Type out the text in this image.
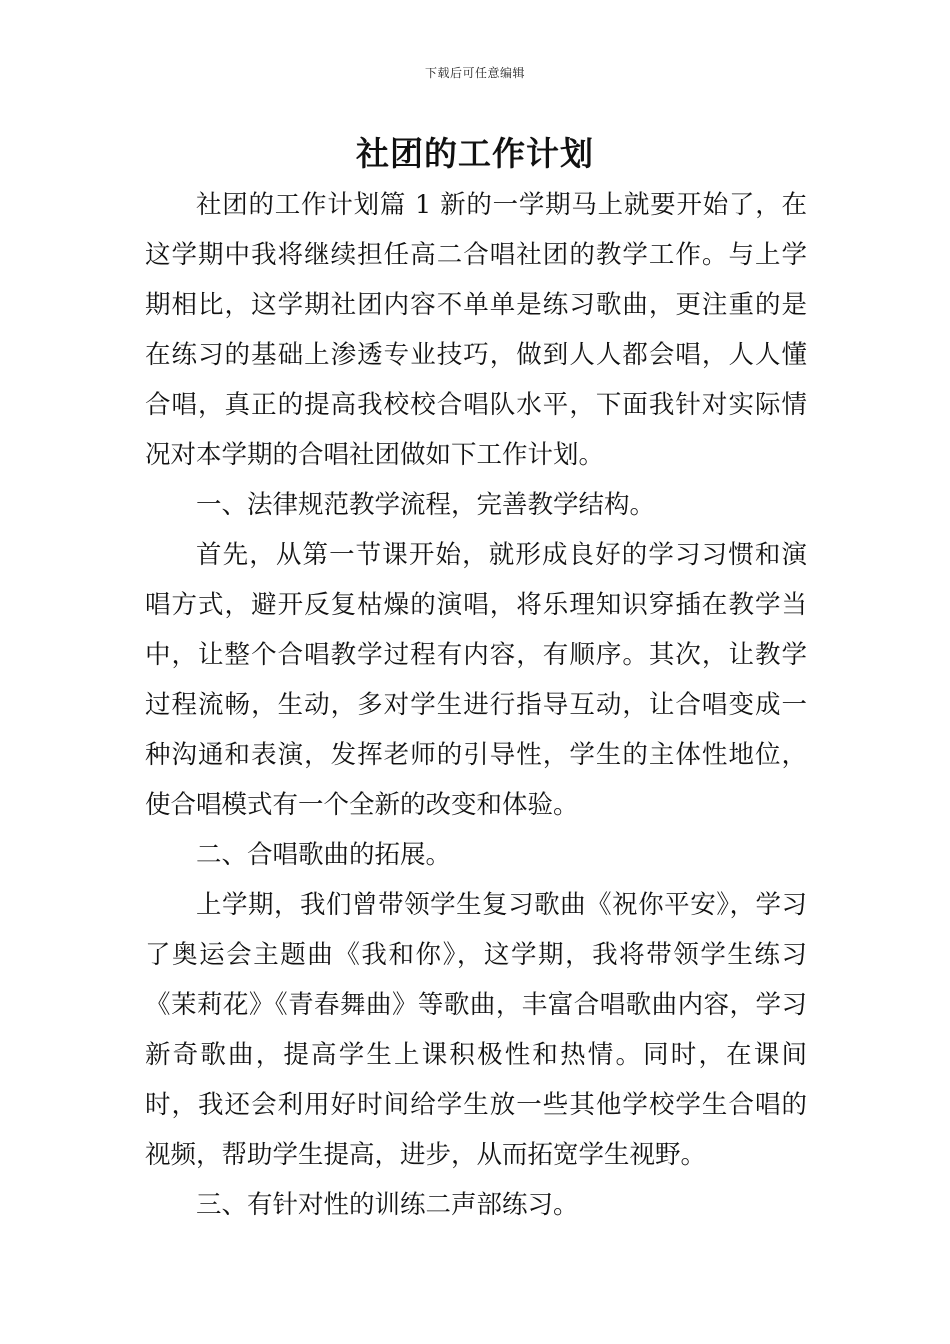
下载后可任意编辑
社团的工作计划

社团的工作计划篇 1 新的一学期马上就要开始了，在这学期中我将继续担任高二合唱社团的教学工作。与上学期相比，这学期社团内容不单单是练习歌曲，更注重的是在练习的基础上渗透专业技巧，做到人人都会唱，人人懂合唱，真正的提高我校校合唱队水平，下面我针对实际情况对本学期的合唱社团做如下工作计划。

一、法律规范教学流程，完善教学结构。

首先，从第一节课开始，就形成良好的学习习惯和演唱方式，避开反复枯燥的演唱，将乐理知识穿插在教学当中，让整个合唱教学过程有内容，有顺序。其次，让教学过程流畅，生动，多对学生进行指导互动，让合唱变成一种沟通和表演，发挥老师的引导性，学生的主体性地位，使合唱模式有一个全新的改变和体验。

二、合唱歌曲的拓展。

上学期，我们曾带领学生复习歌曲《祝你平安》，学习了奥运会主题曲《我和你》，这学期，我将带领学生练习《茉莉花》《青春舞曲》等歌曲，丰富合唱歌曲内容，学习新奇歌曲，提高学生上课积极性和热情。同时，在课间时，我还会利用好时间给学生放一些其他学校学生合唱的视频，帮助学生提高，进步，从而拓宽学生视野。

三、有针对性的训练二声部练习。
